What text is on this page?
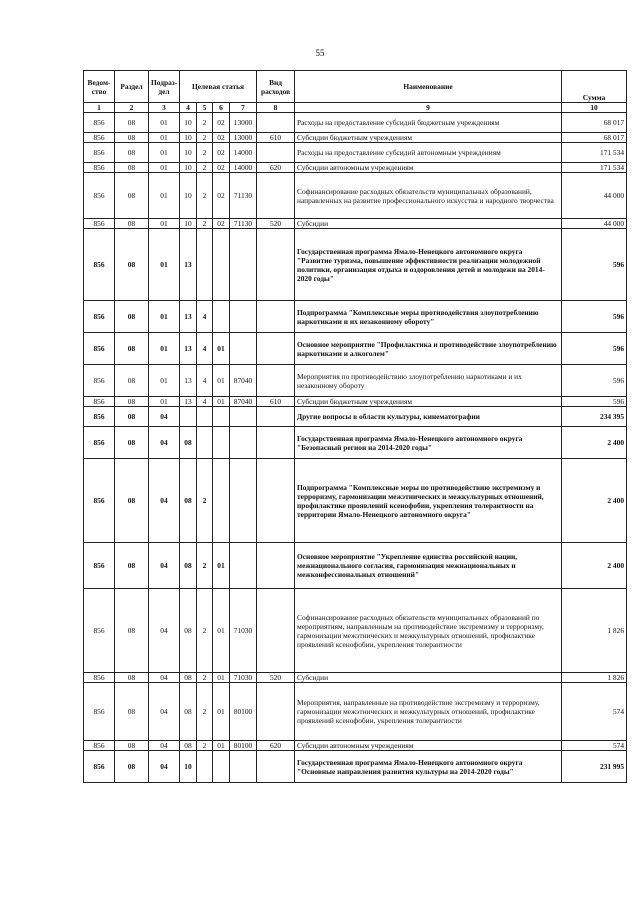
55
Ведом-
ство	Раздел	Подраз-
дел	Целевая статья				Вид
расходов	Наименование	Сумма
1	2	3	4	5	6	7	8	9	10
856	08	01	10	2	02	13000		Расходы на предоставление субсидий бюджетным учреждениям	68 017
856	08	01	10	2	02	13000	610	Субсидии бюджетным учреждениям	68 017
856	08	01	10	2	02	14000		Расходы на предоставление субсидий автономным учреждениям	171 534
856	08	01	10	2	02	14000	620	Субсидии автономным учреждениям	171 534
856	08	01	10	2	02	71130		Софинансирование расходных обязательств муниципальных образований, направленных на развитие профессионального искусства и народного творчества	44 000
856	08	01	10	2	02	71130	520	Субсидии	44 000
856	08	01	13					Государственная программа Ямало-Ненецкого автономного округа "Развитие туризма, повышение эффективности реализации молодежной политики, организация отдыха и оздоровления детей и молодежи на 2014-2020 годы"	596
856	08	01	13	4				Подпрограмма "Комплексные меры противодействия злоупотреблению наркотиками и их незаконному обороту"	596
856	08	01	13	4	01			Основное мероприятие "Профилактика и противодействие злоупотреблению наркотиками и алкоголем"	596
856	08	01	13	4	01	87040		Мероприятия по противодействию злоупотреблению наркотиками и их незаконному обороту	596
856	08	01	13	4	01	87040	610	Субсидии бюджетным учреждениям	596
856	08	04						Другие вопросы в области культуры, кинематографии	234 395
856	08	04	08					Государственная программа Ямало-Ненецкого автономного округа "Безопасный регион на 2014-2020 годы"	2 400
856	08	04	08	2				Подпрограмма "Комплексные меры по противодействию экстремизму и терроризму, гармонизации межэтнических и межкультурных отношений, профилактике проявлений ксенофобии, укрепления толерантности на территории Ямало-Ненецкого автономного округа"	2 400
856	08	04	08	2	01			Основное мероприятие "Укрепление единства российской нации, межнационального согласия, гармонизация межнациональных и межконфессиональных отношений"	2 400
856	08	04	08	2	01	71030		Софинансирование расходных обязательств муниципальных образований по мероприятиям, направленным на противодействие экстремизму и терроризму, гармонизации межэтнических и межкультурных отношений, профилактике проявлений ксенофобии, укрепления толерантности	1 826
856	08	04	08	2	01	71030	520	Субсидии	1 826
856	08	04	08	2	01	80100		Мероприятия, направленные на противодействие экстремизму и терроризму, гармонизации межэтнических и межкультурных отношений, профилактике проявлений ксенофобии, укрепления толерантности	574
856	08	04	08	2	01	80100	620	Субсидии автономным учреждениям	574
856	08	04	10					Государственная программа Ямало-Ненецкого автономного округа "Основные направления развития культуры на 2014-2020 годы"	231 995
